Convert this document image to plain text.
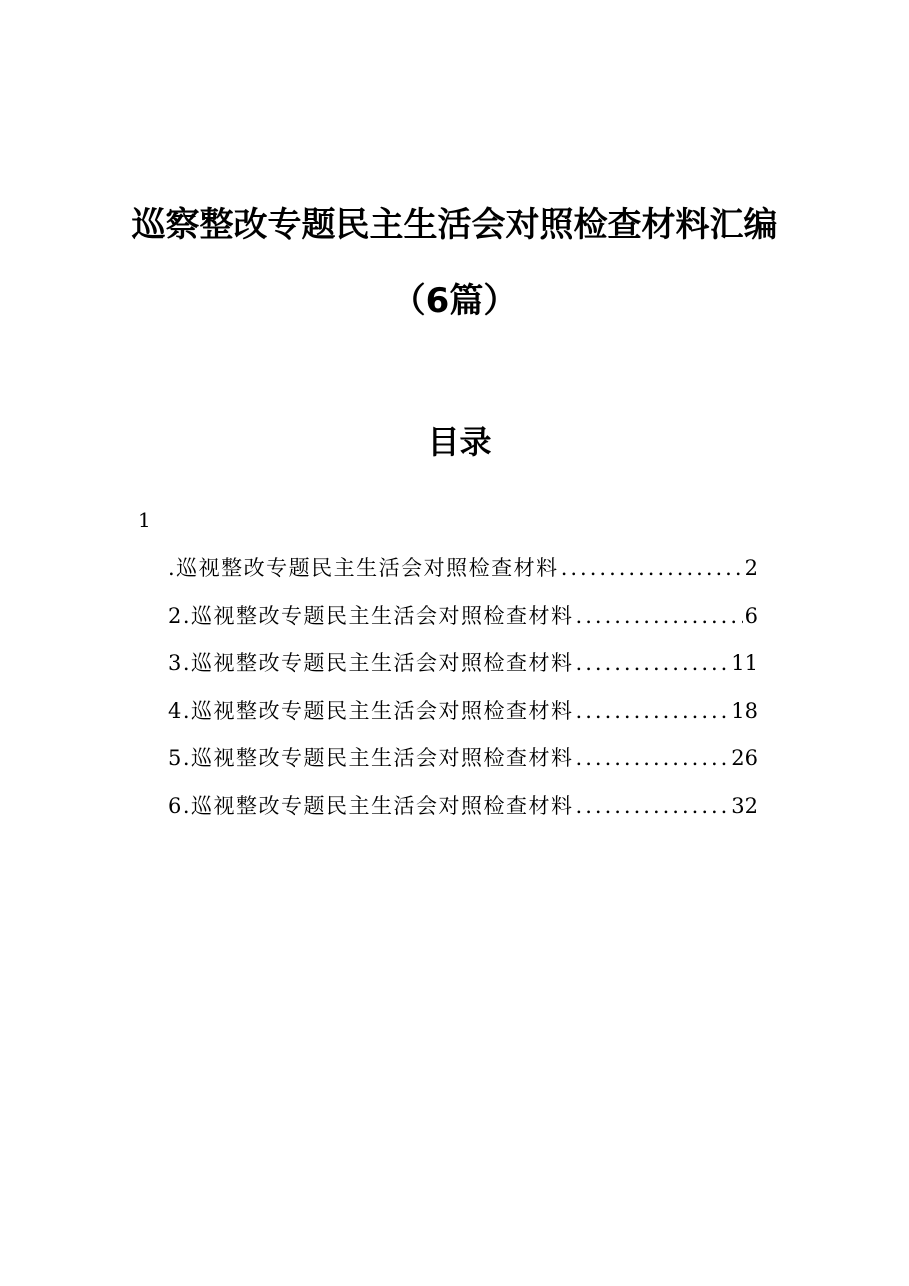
巡察整改专题民主生活会对照检查材料汇编
（6篇）
目录
1
.巡视整改专题民主生活会对照检查材料 .....	2
2.巡视整改专题民主生活会对照检查材料 .....	6
3.巡视整改专题民主生活会对照检查材料 .....	11
4.巡视整改专题民主生活会对照检查材料 .....	18
5.巡视整改专题民主生活会对照检查材料 .....	26
6.巡视整改专题民主生活会对照检查材料 .....	32
